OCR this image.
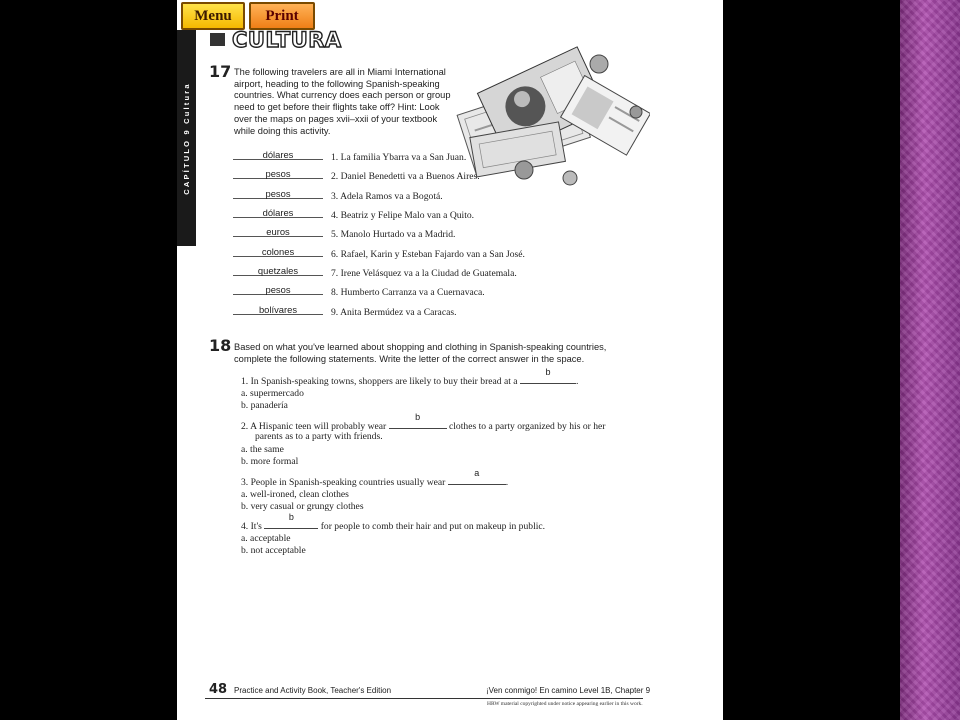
CAPÍTULO 9 Cultura
Menu	Print
CULTURA
17 The following travelers are all in Miami International airport, heading to the following Spanish-speaking countries. What currency does each person or group need to get before their flights take off? Hint: Look over the maps on pages xvii–xxii of your textbook while doing this activity.
dólares	1. La familia Ybarra va a San Juan.
pesos	2. Daniel Benedetti va a Buenos Aires.
pesos	3. Adela Ramos va a Bogotá.
dólares	4. Beatriz y Felipe Malo van a Quito.
euros	5. Manolo Hurtado va a Madrid.
colones	6. Rafael, Karin y Esteban Fajardo van a San José.
quetzales	7. Irene Velásquez va a la Ciudad de Guatemala.
pesos	8. Humberto Carranza va a Cuernavaca.
bolívares	9. Anita Bermúdez va a Caracas.
18 Based on what you've learned about shopping and clothing in Spanish-speaking countries, complete the following statements. Write the letter of the correct answer in the space.
1. In Spanish-speaking towns, shoppers are likely to buy their bread at a
b
.
a. supermercado
b. panadería
2. A Hispanic teen will probably wear
b
clothes to a party organized by his or her
parents as to a party with friends.
a. the same
b. more formal
3. People in Spanish-speaking countries usually wear
a
.
a. well-ironed, clean clothes
b. very casual or grungy clothes
4. It's
b
for people to comb their hair and put on makeup in public.
a. acceptable
b. not acceptable
48 Practice and Activity Book, Teacher's Edition	¡Ven conmigo! En camino Level 1B, Chapter 9
HRW material copyrighted under notice appearing earlier in this work.
